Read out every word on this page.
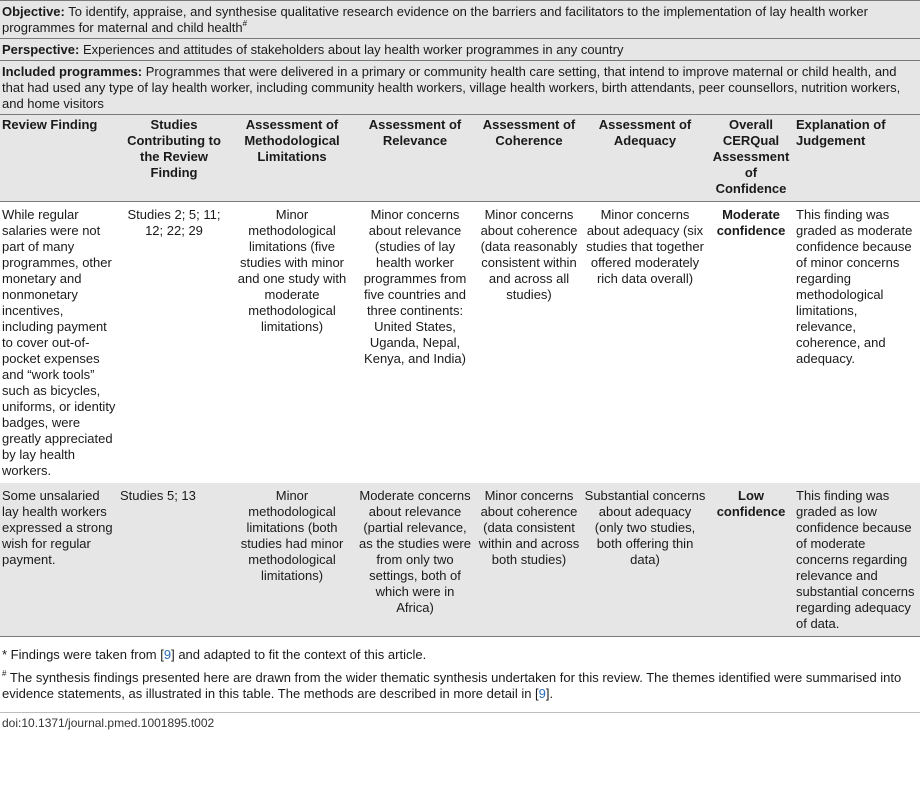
Objective: To identify, appraise, and synthesise qualitative research evidence on the barriers and facilitators to the implementation of lay health worker programmes for maternal and child health#
Perspective: Experiences and attitudes of stakeholders about lay health worker programmes in any country
Included programmes: Programmes that were delivered in a primary or community health care setting, that intend to improve maternal or child health, and that had used any type of lay health worker, including community health workers, village health workers, birth attendants, peer counsellors, nutrition workers, and home visitors
Review Finding	Studies Contributing to the Review Finding	Assessment of Methodological Limitations	Assessment of Relevance	Assessment of Coherence	Assessment of Adequacy	Overall CERQual Assessment of Confidence	Explanation of Judgement
While regular salaries were not part of many programmes, other monetary and nonmonetary incentives, including payment to cover out-of-pocket expenses and “work tools” such as bicycles, uniforms, or identity badges, were greatly appreciated by lay health workers.	Studies 2; 5; 11; 12; 22; 29	Minor methodological limitations (five studies with minor and one study with moderate methodological limitations)	Minor concerns about relevance (studies of lay health worker programmes from five countries and three continents: United States, Uganda, Nepal, Kenya, and India)	Minor concerns about coherence (data reasonably consistent within and across all studies)	Minor concerns about adequacy (six studies that together offered moderately rich data overall)	Moderate confidence	This finding was graded as moderate confidence because of minor concerns regarding methodological limitations, relevance, coherence, and adequacy.
Some unsalaried lay health workers expressed a strong wish for regular payment.	Studies 5; 13	Minor methodological limitations (both studies had minor methodological limitations)	Moderate concerns about relevance (partial relevance, as the studies were from only two settings, both of which were in Africa)	Minor concerns about coherence (data consistent within and across both studies)	Substantial concerns about adequacy (only two studies, both offering thin data)	Low confidence	This finding was graded as low confidence because of moderate concerns regarding relevance and substantial concerns regarding adequacy of data.
* Findings were taken from [9] and adapted to fit the context of this article.
# The synthesis findings presented here are drawn from the wider thematic synthesis undertaken for this review. The themes identified were summarised into evidence statements, as illustrated in this table. The methods are described in more detail in [9].
doi:10.1371/journal.pmed.1001895.t002
